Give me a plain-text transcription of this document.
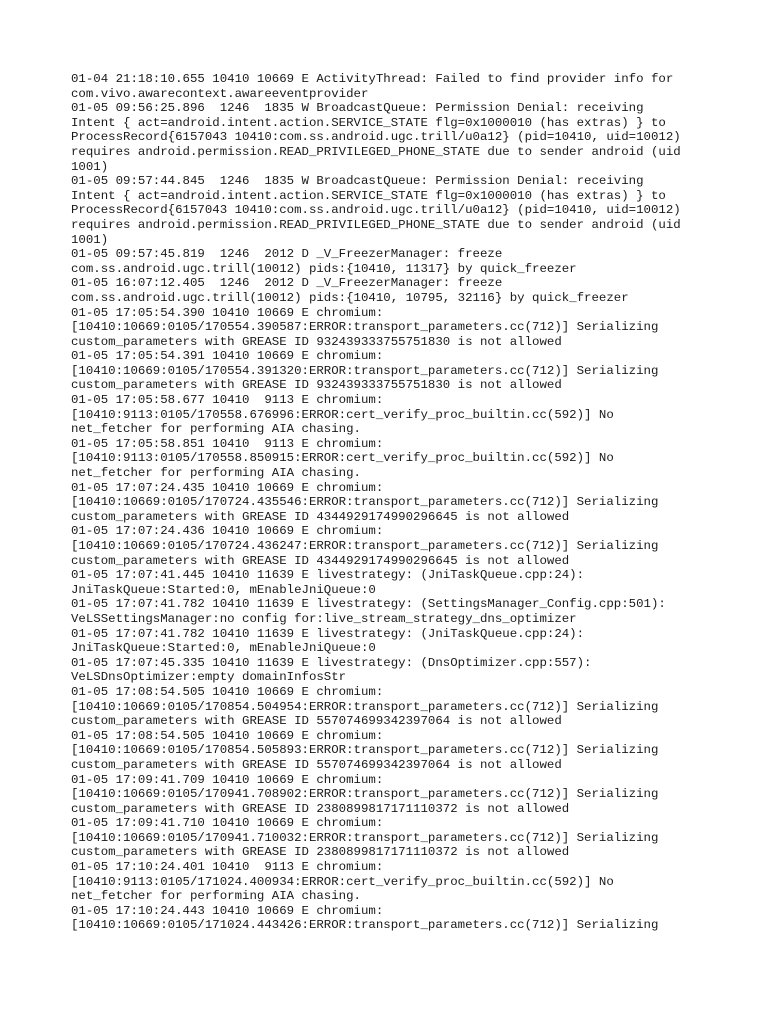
01-04 21:18:10.655 10410 10669 E ActivityThread: Failed to find provider info for
com.vivo.awarecontext.awareeventprovider
01-05 09:56:25.896  1246  1835 W BroadcastQueue: Permission Denial: receiving
Intent { act=android.intent.action.SERVICE_STATE flg=0x1000010 (has extras) } to
ProcessRecord{6157043 10410:com.ss.android.ugc.trill/u0a12} (pid=10410, uid=10012)
requires android.permission.READ_PRIVILEGED_PHONE_STATE due to sender android (uid
1001)
01-05 09:57:44.845  1246  1835 W BroadcastQueue: Permission Denial: receiving
Intent { act=android.intent.action.SERVICE_STATE flg=0x1000010 (has extras) } to
ProcessRecord{6157043 10410:com.ss.android.ugc.trill/u0a12} (pid=10410, uid=10012)
requires android.permission.READ_PRIVILEGED_PHONE_STATE due to sender android (uid
1001)
01-05 09:57:45.819  1246  2012 D _V_FreezerManager: freeze
com.ss.android.ugc.trill(10012) pids:{10410, 11317} by quick_freezer
01-05 16:07:12.405  1246  2012 D _V_FreezerManager: freeze
com.ss.android.ugc.trill(10012) pids:{10410, 10795, 32116} by quick_freezer
01-05 17:05:54.390 10410 10669 E chromium:
[10410:10669:0105/170554.390587:ERROR:transport_parameters.cc(712)] Serializing
custom_parameters with GREASE ID 932439333755751830 is not allowed
01-05 17:05:54.391 10410 10669 E chromium:
[10410:10669:0105/170554.391320:ERROR:transport_parameters.cc(712)] Serializing
custom_parameters with GREASE ID 932439333755751830 is not allowed
01-05 17:05:58.677 10410  9113 E chromium:
[10410:9113:0105/170558.676996:ERROR:cert_verify_proc_builtin.cc(592)] No
net_fetcher for performing AIA chasing.
01-05 17:05:58.851 10410  9113 E chromium:
[10410:9113:0105/170558.850915:ERROR:cert_verify_proc_builtin.cc(592)] No
net_fetcher for performing AIA chasing.
01-05 17:07:24.435 10410 10669 E chromium:
[10410:10669:0105/170724.435546:ERROR:transport_parameters.cc(712)] Serializing
custom_parameters with GREASE ID 4344929174990296645 is not allowed
01-05 17:07:24.436 10410 10669 E chromium:
[10410:10669:0105/170724.436247:ERROR:transport_parameters.cc(712)] Serializing
custom_parameters with GREASE ID 4344929174990296645 is not allowed
01-05 17:07:41.445 10410 11639 E livestrategy: (JniTaskQueue.cpp:24):
JniTaskQueue:Started:0, mEnableJniQueue:0
01-05 17:07:41.782 10410 11639 E livestrategy: (SettingsManager_Config.cpp:501):
VeLSSettingsManager:no config for:live_stream_strategy_dns_optimizer
01-05 17:07:41.782 10410 11639 E livestrategy: (JniTaskQueue.cpp:24):
JniTaskQueue:Started:0, mEnableJniQueue:0
01-05 17:07:45.335 10410 11639 E livestrategy: (DnsOptimizer.cpp:557):
VeLSDnsOptimizer:empty domainInfosStr
01-05 17:08:54.505 10410 10669 E chromium:
[10410:10669:0105/170854.504954:ERROR:transport_parameters.cc(712)] Serializing
custom_parameters with GREASE ID 557074699342397064 is not allowed
01-05 17:08:54.505 10410 10669 E chromium:
[10410:10669:0105/170854.505893:ERROR:transport_parameters.cc(712)] Serializing
custom_parameters with GREASE ID 557074699342397064 is not allowed
01-05 17:09:41.709 10410 10669 E chromium:
[10410:10669:0105/170941.708902:ERROR:transport_parameters.cc(712)] Serializing
custom_parameters with GREASE ID 2380899817171110372 is not allowed
01-05 17:09:41.710 10410 10669 E chromium:
[10410:10669:0105/170941.710032:ERROR:transport_parameters.cc(712)] Serializing
custom_parameters with GREASE ID 2380899817171110372 is not allowed
01-05 17:10:24.401 10410  9113 E chromium:
[10410:9113:0105/171024.400934:ERROR:cert_verify_proc_builtin.cc(592)] No
net_fetcher for performing AIA chasing.
01-05 17:10:24.443 10410 10669 E chromium:
[10410:10669:0105/171024.443426:ERROR:transport_parameters.cc(712)] Serializing
